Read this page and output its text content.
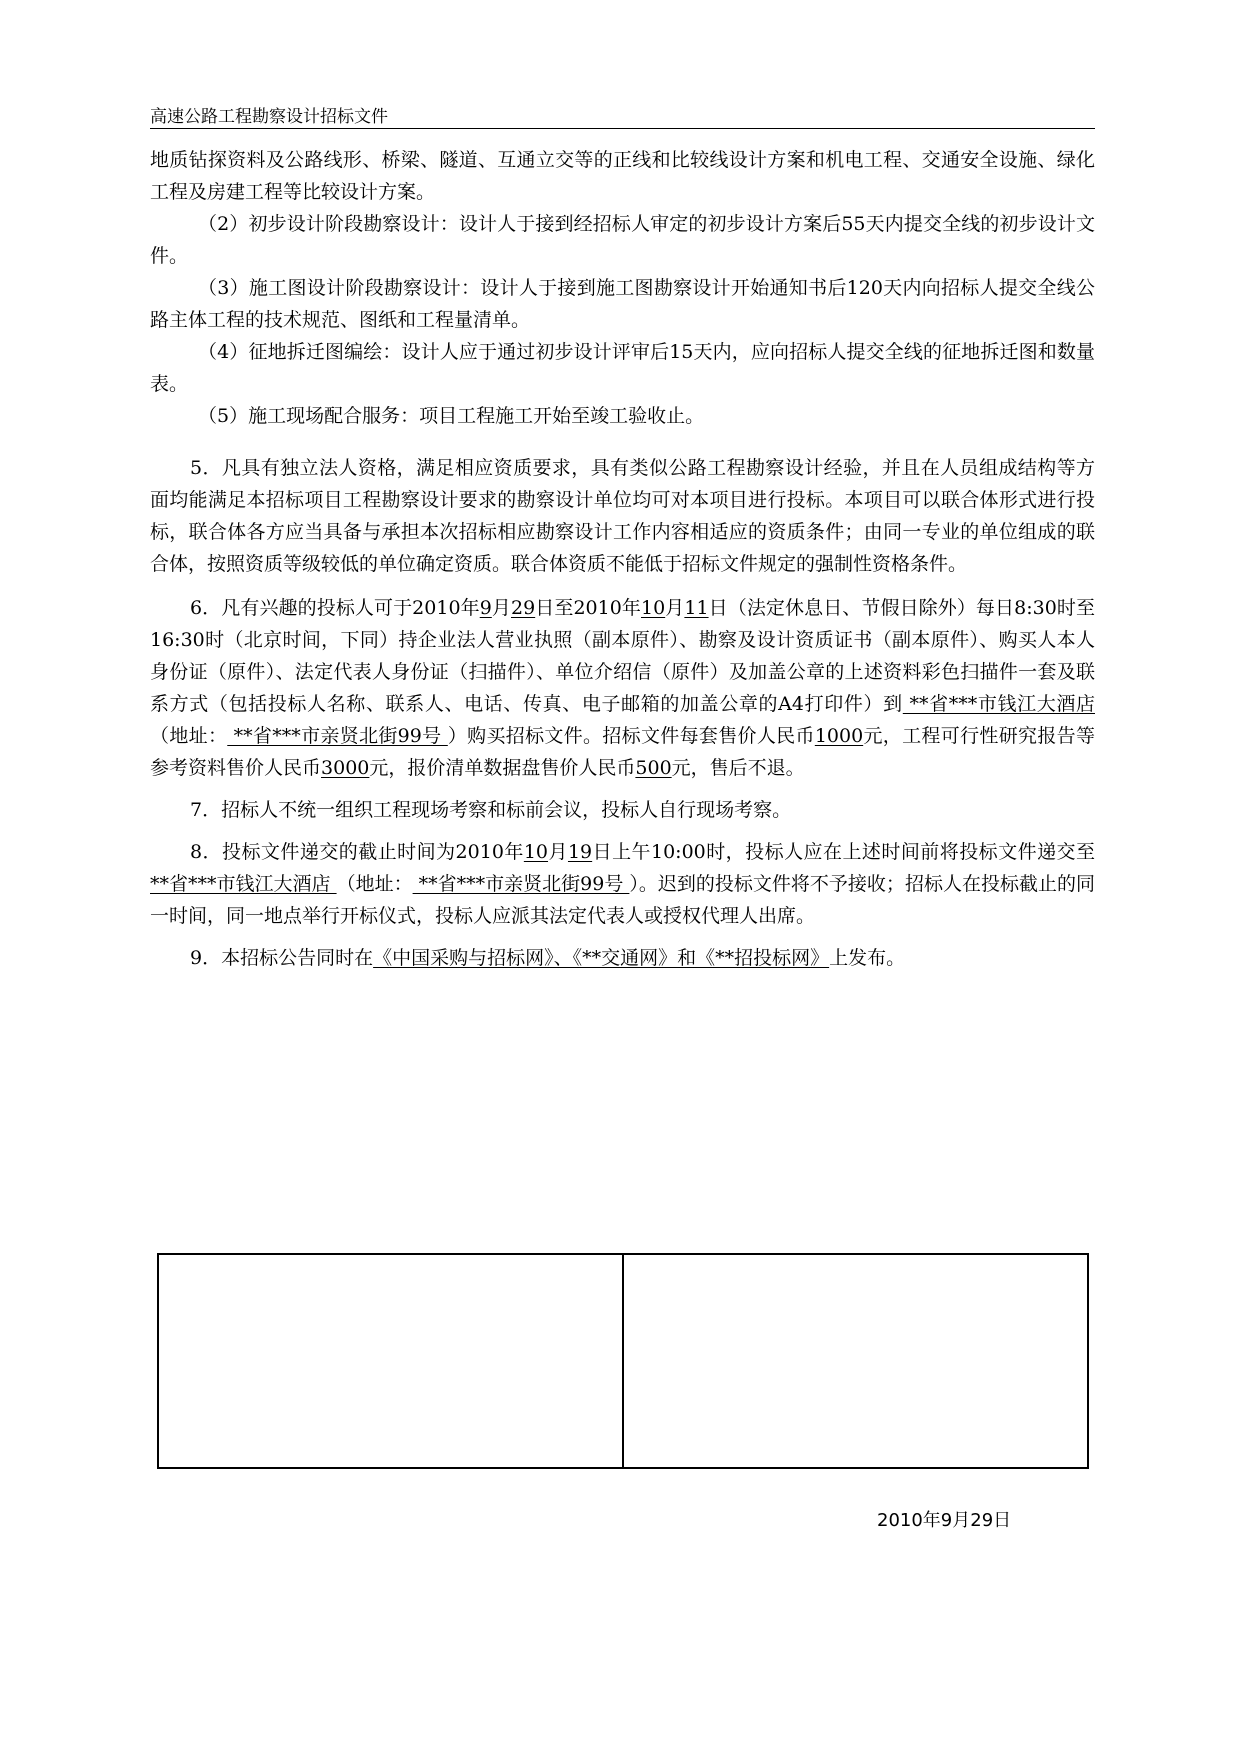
高速公路工程勘察设计招标文件

地质钻探资料及公路线形、桥梁、隧道、互通立交等的正线和比较线设计方案和机电工程、交通安全设施、绿化工程及房建工程等比较设计方案。

（2）初步设计阶段勘察设计：设计人于接到经招标人审定的初步设计方案后55天内提交全线的初步设计文件。

（3）施工图设计阶段勘察设计：设计人于接到施工图勘察设计开始通知书后120天内向招标人提交全线公路主体工程的技术规范、图纸和工程量清单。

（4）征地拆迁图编绘：设计人应于通过初步设计评审后15天内，应向招标人提交全线的征地拆迁图和数量表。

（5）施工现场配合服务：项目工程施工开始至竣工验收止。

5．凡具有独立法人资格，满足相应资质要求，具有类似公路工程勘察设计经验，并且在人员组成结构等方面均能满足本招标项目工程勘察设计要求的勘察设计单位均可对本项目进行投标。本项目可以联合体形式进行投标，联合体各方应当具备与承担本次招标相应勘察设计工作内容相适应的资质条件；由同一专业的单位组成的联合体，按照资质等级较低的单位确定资质。联合体资质不能低于招标文件规定的强制性资格条件。

6．凡有兴趣的投标人可于2010年9月29日至2010年10月11日（法定休息日、节假日除外）每日8:30时至16:30时（北京时间，下同）持企业法人营业执照（副本原件）、勘察及设计资质证书（副本原件）、购买人本人身份证（原件）、法定代表人身份证（扫描件）、单位介绍信（原件）及加盖公章的上述资料彩色扫描件一套及联系方式（包括投标人名称、联系人、电话、传真、电子邮箱的加盖公章的A4打印件）到 **省***市钱江大酒店 （地址： **省***市亲贤北街99号 ）购买招标文件。招标文件每套售价人民币1000元，工程可行性研究报告等参考资料售价人民币3000元，报价清单数据盘售价人民币500元，售后不退。

7．招标人不统一组织工程现场考察和标前会议，投标人自行现场考察。

8．投标文件递交的截止时间为2010年10月19日上午10:00时，投标人应在上述时间前将投标文件递交至 **省***市钱江大酒店 （地址： **省***市亲贤北街99号 ）。迟到的投标文件将不予接收；招标人在投标截止的同一时间，同一地点举行开标仪式，投标人应派其法定代表人或授权代理人出席。

9．本招标公告同时在《中国采购与招标网》、《**交通网》和《**招投标网》上发布。

2010年9月29日
